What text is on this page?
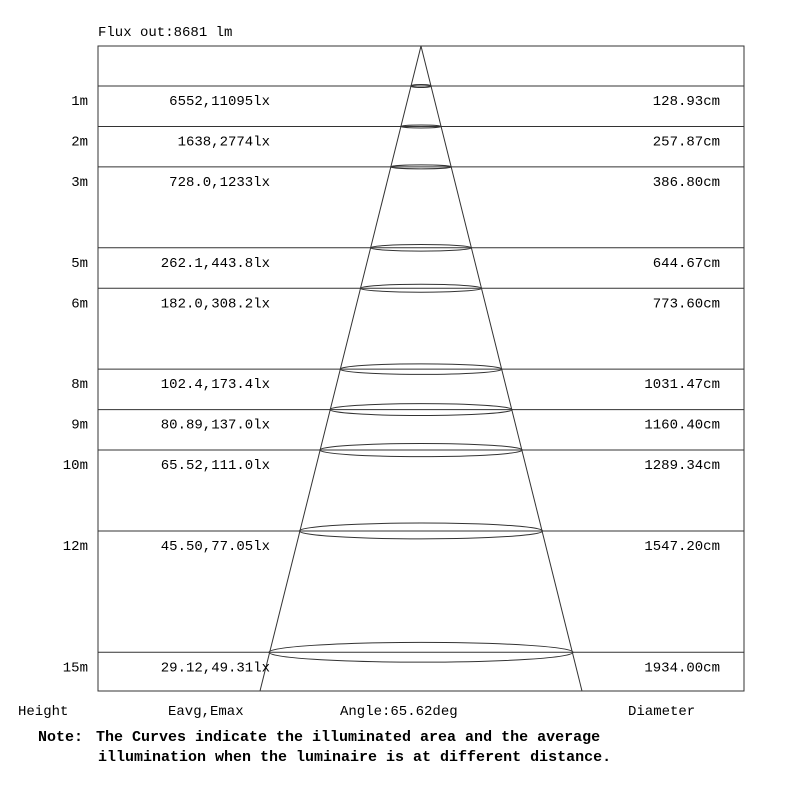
Flux out:8681 lm
1m	6552,11095lx	128.93cm
2m	1638,2774lx	257.87cm
3m	728.0,1233lx	386.80cm
5m	262.1,443.8lx	644.67cm
6m	182.0,308.2lx	773.60cm
8m	102.4,173.4lx	1031.47cm
9m	80.89,137.0lx	1160.40cm
10m	65.52,111.0lx	1289.34cm
12m	45.50,77.05lx	1547.20cm
15m	29.12,49.31lx	1934.00cm
Height	Eavg,Emax	Angle:65.62deg	Diameter
Note: The Curves indicate the illuminated area and the average
illumination when the luminaire is at different distance.
